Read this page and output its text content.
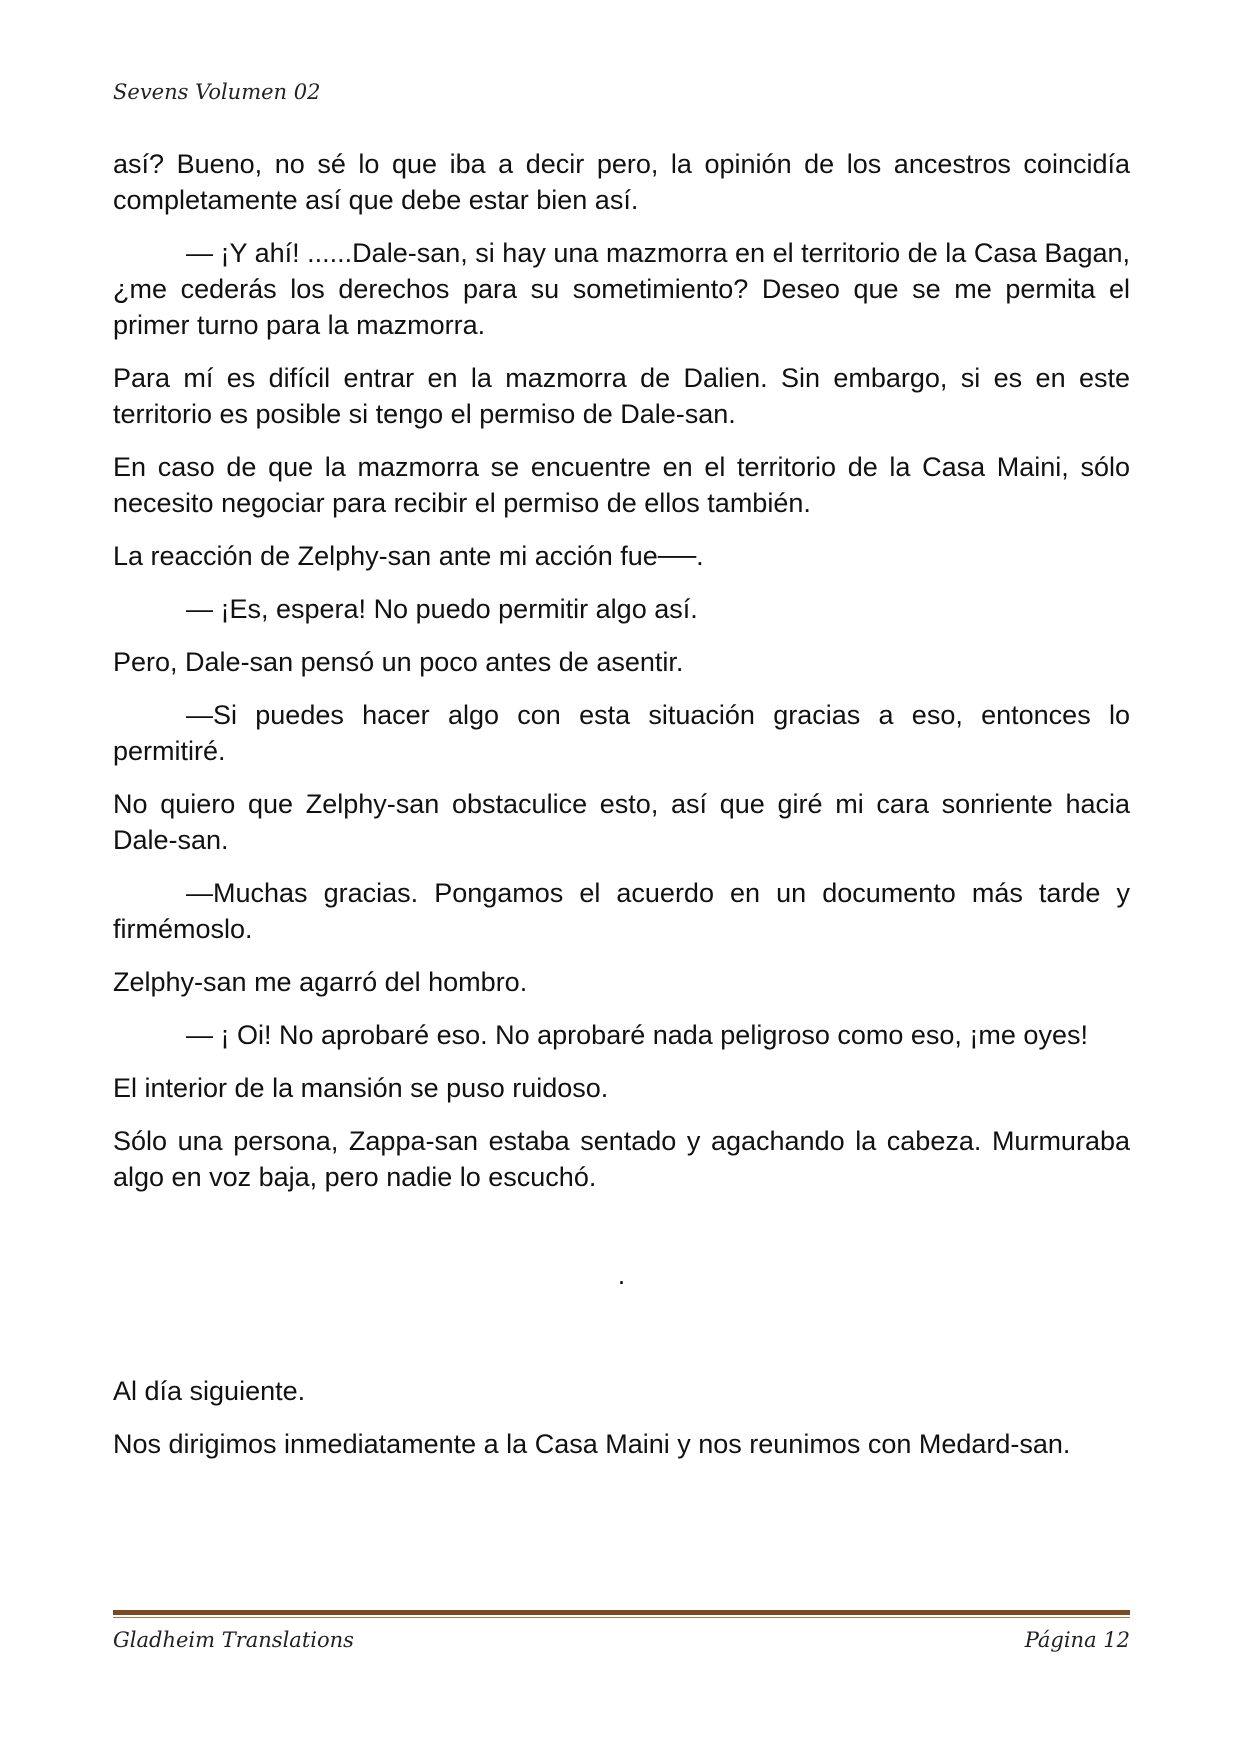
Sevens Volumen 02

así? Bueno, no sé lo que iba a decir pero, la opinión de los ancestros coincidía completamente así que debe estar bien así.

— ¡Y ahí! ......Dale-san, si hay una mazmorra en el territorio de la Casa Bagan, ¿me cederás los derechos para su sometimiento? Deseo que se me permita el primer turno para la mazmorra.

Para mí es difícil entrar en la mazmorra de Dalien. Sin embargo, si es en este territorio es posible si tengo el permiso de Dale-san.

En caso de que la mazmorra se encuentre en el territorio de la Casa Maini, sólo necesito negociar para recibir el permiso de ellos también.

La reacción de Zelphy-san ante mi acción fue──.

— ¡Es, espera! No puedo permitir algo así.

Pero, Dale-san pensó un poco antes de asentir.

—Si puedes hacer algo con esta situación gracias a eso, entonces lo permitiré.

No quiero que Zelphy-san obstaculice esto, así que giré mi cara sonriente hacia Dale-san.

—Muchas gracias. Pongamos el acuerdo en un documento más tarde y firmémoslo.

Zelphy-san me agarró del hombro.

— ¡ Oi! No aprobaré eso. No aprobaré nada peligroso como eso, ¡me oyes!

El interior de la mansión se puso ruidoso.

Sólo una persona, Zappa-san estaba sentado y agachando la cabeza. Murmuraba algo en voz baja, pero nadie lo escuchó.

.

Al día siguiente.

Nos dirigimos inmediatamente a la Casa Maini y nos reunimos con Medard-san.

Gladheim Translations	Página 12
